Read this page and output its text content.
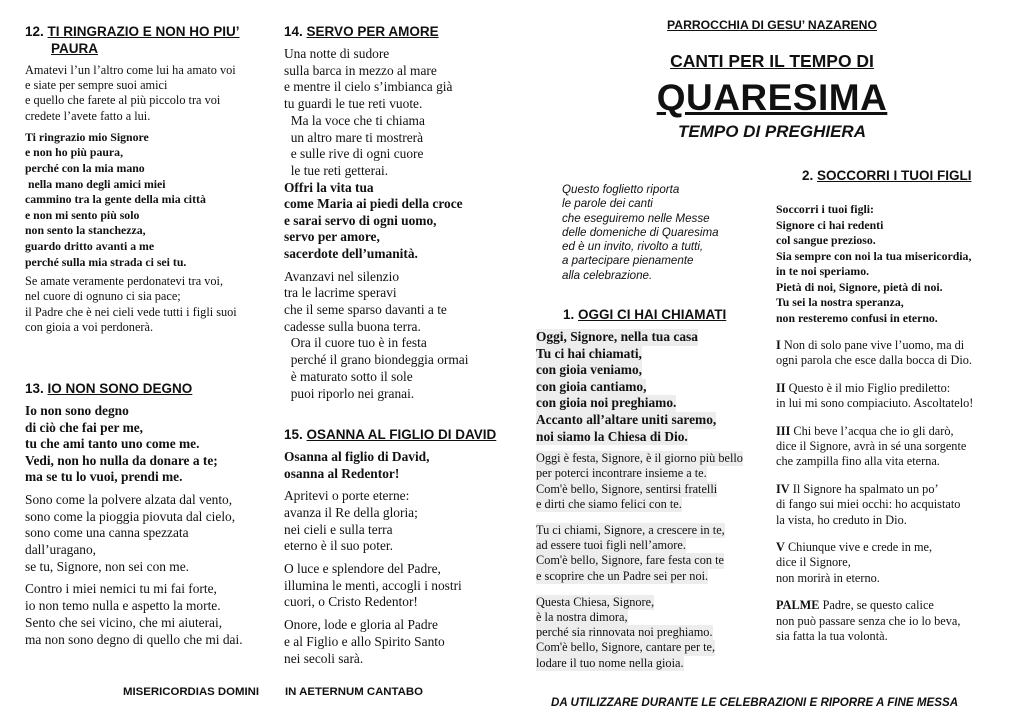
12. TI RINGRAZIO E NON HO PIU’
PAURA
Amatevi l’un l’altro come lui ha amato voi
e siate per sempre suoi amici
e quello che farete al più piccolo tra voi
credete l’avete fatto a lui.
Ti ringrazio mio Signore
e non ho più paura,
perché con la mia mano
nella mano degli amici miei
cammino tra la gente della mia città
e non mi sento più solo
non sento la stanchezza,
guardo dritto avanti a me
perché sulla mia strada ci sei tu.
Se amate veramente perdonatevi tra voi,
nel cuore di ognuno ci sia pace;
il Padre che è nei cieli vede tutti i figli suoi
con gioia a voi perdonerà.
13. IO NON SONO DEGNO
Io non sono degno
di ciò che fai per me,
tu che ami tanto uno come me.
Vedi, non ho nulla da donare a te;
ma se tu lo vuoi, prendi me.
Sono come la polvere alzata dal vento,
sono come la pioggia piovuta dal cielo,
sono come una canna spezzata
dall’uragano,
se tu, Signore, non sei con me.
Contro i miei nemici tu mi fai forte,
io non temo nulla e aspetto la morte.
Sento che sei vicino, che mi aiuterai,
ma non sono degno di quello che mi dai.
14. SERVO PER AMORE
Una notte di sudore
sulla barca in mezzo al mare
e mentre il cielo s’imbianca già
tu guardi le tue reti vuote.
Ma la voce che ti chiama
un altro mare ti mostrerà
e sulle rive di ogni cuore
le tue reti getterai.
Offri la vita tua
come Maria ai piedi della croce
e sarai servo di ogni uomo,
servo per amore,
sacerdote dell’umanità.
Avanzavi nel silenzio
tra le lacrime speravi
che il seme sparso davanti a te
cadesse sulla buona terra.
Ora il cuore tuo è in festa
perché il grano biondeggia ormai
è maturato sotto il sole
puoi riporlo nei granai.
15. OSANNA AL FIGLIO DI DAVID
Osanna al figlio di David,
osanna al Redentor!
Apritevi o porte eterne:
avanza il Re della gloria;
nei cieli e sulla terra
eterno è il suo poter.
O luce e splendore del Padre,
illumina le menti, accogli i nostri
cuori, o Cristo Redentor!
Onore, lode e gloria al Padre
e al Figlio e allo Spirito Santo
nei secoli sarà.
PARROCCHIA DI GESU’ NAZARENO
CANTI PER IL TEMPO DI
QUARESIMA
TEMPO DI PREGHIERA
Questo foglietto riporta
le parole dei canti
che eseguiremo nelle Messe
delle domeniche di Quaresima
ed è un invito, rivolto a tutti,
a partecipare pienamente
alla celebrazione.
1. OGGI CI HAI CHIAMATI
Oggi, Signore, nella tua casa
Tu ci hai chiamati,
con gioia veniamo,
con gioia cantiamo,
con gioia noi preghiamo.
Accanto all’altare uniti saremo,
noi siamo la Chiesa di Dio.
Oggi è festa, Signore, è il giorno più bello
per poterci incontrare insieme a te.
Com'è bello, Signore, sentirsi fratelli
e dirti che siamo felici con te.
Tu ci chiami, Signore, a crescere in te,
ad essere tuoi figli nell’amore.
Com'è bello, Signore, fare festa con te
e scoprire che un Padre sei per noi.
Questa Chiesa, Signore,
è la nostra dimora,
perché sia rinnovata noi preghiamo.
Com'è bello, Signore, cantare per te,
lodare il tuo nome nella gioia.
2. SOCCORRI I TUOI FIGLI
Soccorri i tuoi figli:
Signore ci hai redenti
col sangue prezioso.
Sia sempre con noi la tua misericordia,
in te noi speriamo.
Pietà di noi, Signore, pietà di noi.
Tu sei la nostra speranza,
non resteremo confusi in eterno.
I Non di solo pane vive l’uomo, ma di
ogni parola che esce dalla bocca di Dio.
II Questo è il mio Figlio prediletto:
in lui mi sono compiaciuto. Ascoltatelo!
III Chi beve l’acqua che io gli darò,
dice il Signore, avrà in sé una sorgente
che zampilla fino alla vita eterna.
IV Il Signore ha spalmato un po’
di fango sui miei occhi: ho acquistato
la vista, ho creduto in Dio.
V Chiunque vive e crede in me,
dice il Signore,
non morirà in eterno.
PALME Padre, se questo calice
non può passare senza che io lo beva,
sia fatta la tua volontà.
MISERICORDIAS DOMINI IN AETERNUM CANTABO
DA UTILIZZARE DURANTE LE CELEBRAZIONI E RIPORRE A FINE MESSA
